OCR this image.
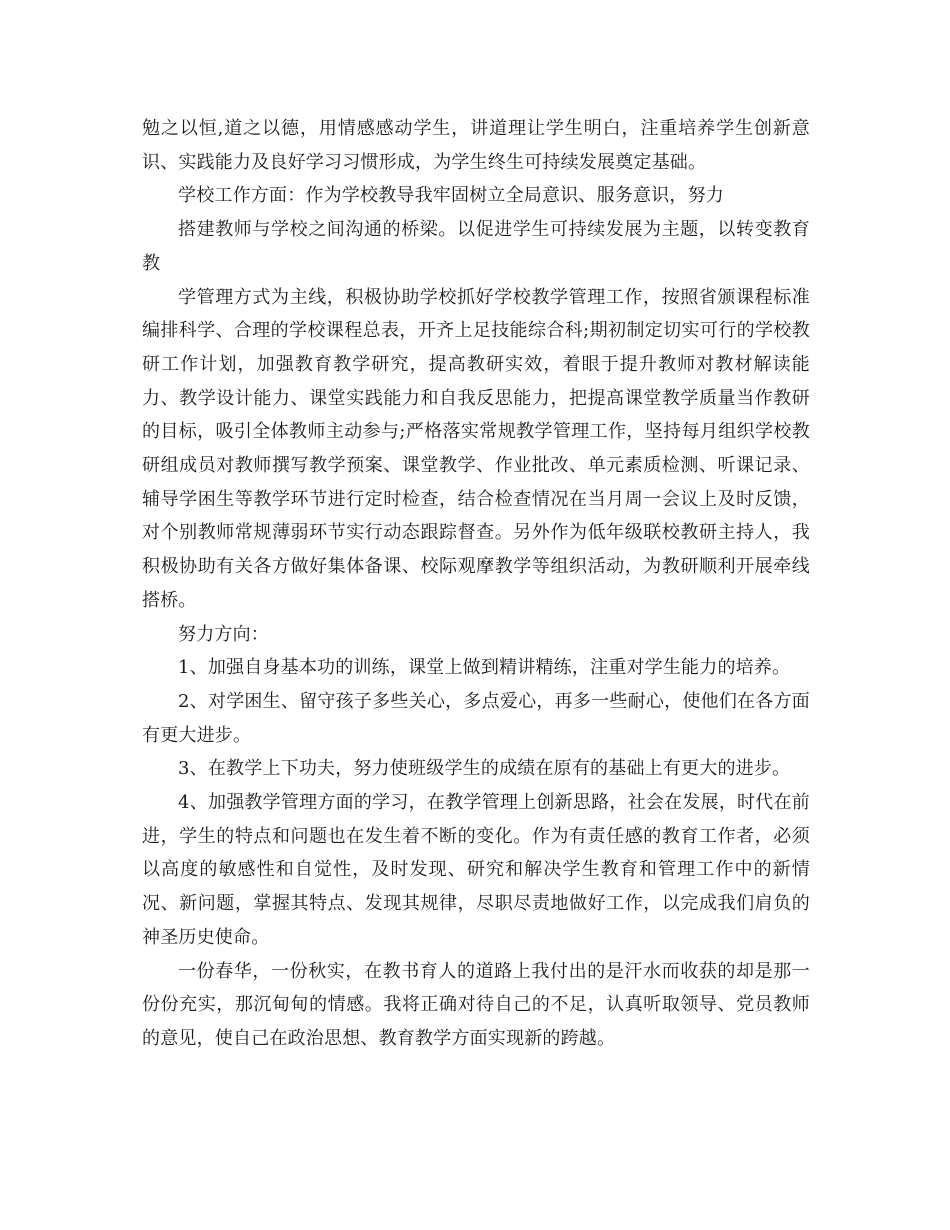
勉之以恒,道之以德，用情感感动学生，讲道理让学生明白，注重培养学生创新意识、实践能力及良好学习习惯形成，为学生终生可持续发展奠定基础。

学校工作方面：作为学校教导我牢固树立全局意识、服务意识，努力

搭建教师与学校之间沟通的桥梁。以促进学生可持续发展为主题，以转变教育教

学管理方式为主线，积极协助学校抓好学校教学管理工作，按照省颁课程标准编排科学、合理的学校课程总表，开齐上足技能综合科;期初制定切实可行的学校教研工作计划，加强教育教学研究，提高教研实效，着眼于提升教师对教材解读能力、教学设计能力、课堂实践能力和自我反思能力，把提高课堂教学质量当作教研的目标，吸引全体教师主动参与;严格落实常规教学管理工作，坚持每月组织学校教研组成员对教师撰写教学预案、课堂教学、作业批改、单元素质检测、听课记录、辅导学困生等教学环节进行定时检查，结合检查情况在当月周一会议上及时反馈，对个别教师常规薄弱环节实行动态跟踪督查。另外作为低年级联校教研主持人，我积极协助有关各方做好集体备课、校际观摩教学等组织活动，为教研顺利开展牵线搭桥。

努力方向：

1、加强自身基本功的训练，课堂上做到精讲精练，注重对学生能力的培养。

2、对学困生、留守孩子多些关心，多点爱心，再多一些耐心，使他们在各方面有更大进步。

3、在教学上下功夫，努力使班级学生的成绩在原有的基础上有更大的进步。

4、加强教学管理方面的学习，在教学管理上创新思路，社会在发展，时代在前进，学生的特点和问题也在发生着不断的变化。作为有责任感的教育工作者，必须以高度的敏感性和自觉性，及时发现、研究和解决学生教育和管理工作中的新情况、新问题，掌握其特点、发现其规律，尽职尽责地做好工作，以完成我们肩负的神圣历史使命。

一份春华，一份秋实，在教书育人的道路上我付出的是汗水而收获的却是那一份份充实，那沉甸甸的情感。我将正确对待自己的不足，认真听取领导、党员教师的意见，使自己在政治思想、教育教学方面实现新的跨越。
